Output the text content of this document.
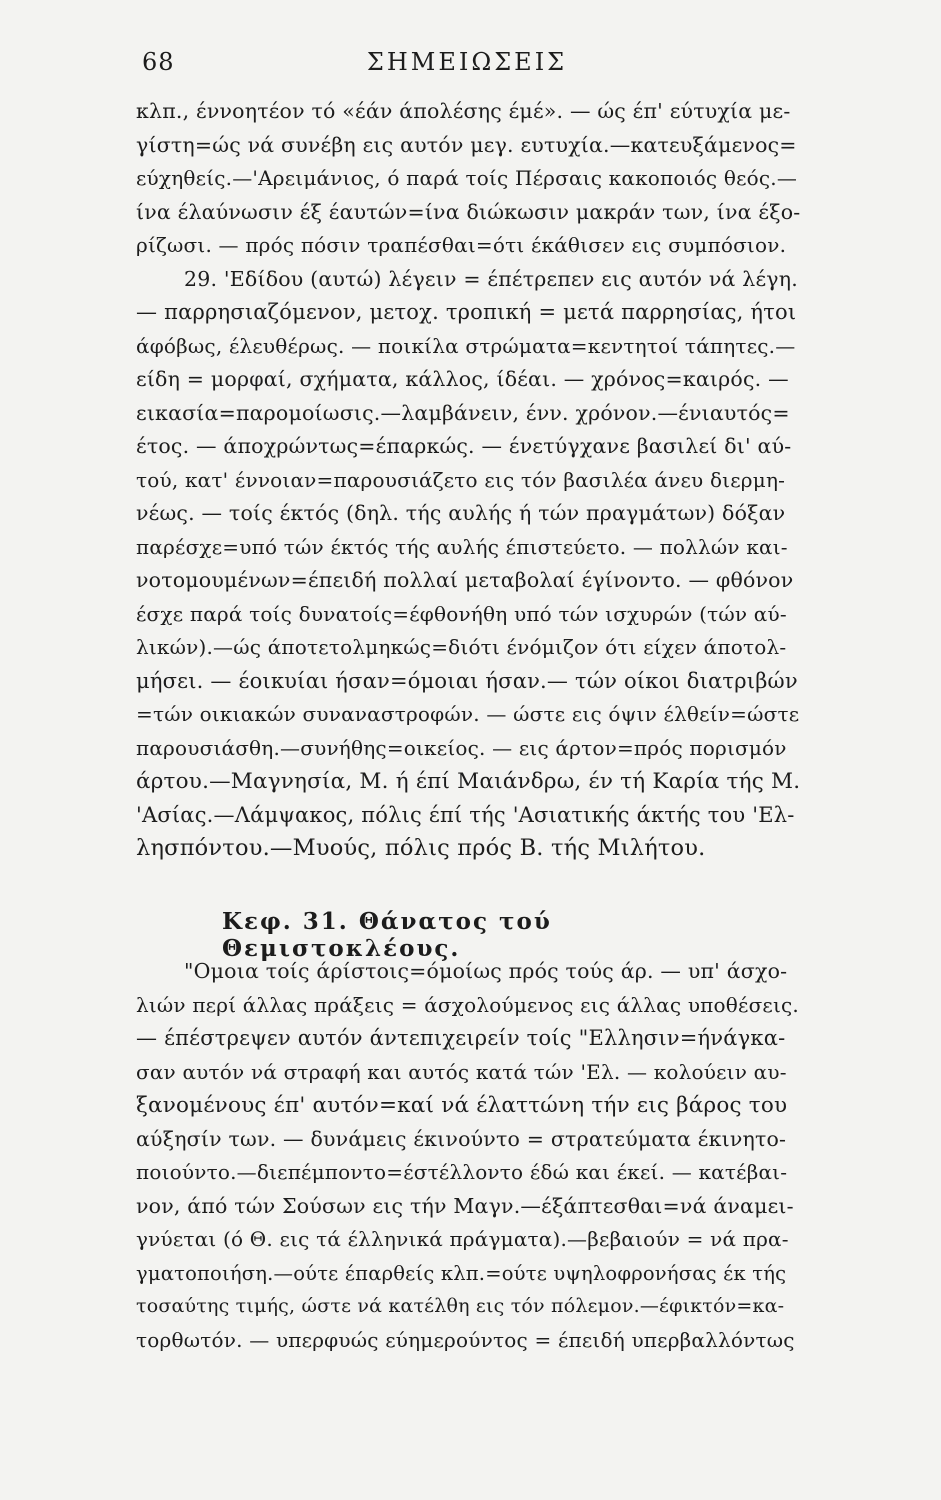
68	ΣΗΜΕΙΩΣΕΙΣ
κλπ., έννοητέον τό «έάν άπολέσης έμέ». — ώς έπ' εύτυχία με-
γίστη=ώς νά συνέβη εις αυτόν μεγ. ευτυχία.—κατευξάμενος=
εύχηθείς.—'Αρειμάνιος, ό παρά τοίς Πέρσαις κακοποιός θεός.—
ίνα έλαύνωσιν έξ έαυτών=ίνα διώκωσιν μακράν των, ίνα έξο-
ρίζωσι. — πρός πόσιν τραπέσθαι=ότι έκάθισεν εις συμπόσιον.
29. 'Εδίδου (αυτώ) λέγειν = έπέτρεπεν εις αυτόν νά λέγη.
— παρρησιαζόμενον, μετοχ. τροπική = μετά παρρησίας, ήτοι
άφόβως, έλευθέρως. — ποικίλα στρώματα=κεντητοί τάπητες.—
είδη = μορφαί, σχήματα, κάλλος, ίδέαι. — χρόνος=καιρός. —
εικασία=παρομοίωσις.—λαμβάνειν, ένν. χρόνον.—ένιαυτός=
έτος. — άποχρώντως=έπαρκώς. — ένετύγχανε βασιλεί δι' αύ-
τού, κατ' έννοιαν=παρουσιάζετο εις τόν βασιλέα άνευ διερμη-
νέως. — τοίς έκτός (δηλ. τής αυλής ή τών πραγμάτων) δόξαν
παρέσχε=υπό τών έκτός τής αυλής έπιστεύετο. — πολλών και-
νοτομουμένων=έπειδή πολλαί μεταβολαί έγίνοντο. — φθόνον
έσχε παρά τοίς δυνατοίς=έφθονήθη υπό τών ισχυρών (τών αύ-
λικών).—ώς άποτετολμηκώς=διότι ένόμιζον ότι είχεν άποτολ-
μήσει. — έοικυίαι ήσαν=όμοιαι ήσαν.— τών οίκοι διατριβών
=τών οικιακών συναναστροφών. — ώστε εις όψιν έλθείν=ώστε
παρουσιάσθη.—συνήθης=οικείος. — εις άρτον=πρός πορισμόν
άρτου.—Μαγνησία, Μ. ή έπί Μαιάνδρω, έν τή Καρία τής Μ.
'Ασίας.—Λάμψακος, πόλις έπί τής 'Ασιατικής άκτής του 'Ελ-
λησπόντου.—Μυούς, πόλις πρός Β. τής Μιλήτου.
Κεφ. 31. Θάνατος τού Θεμιστοκλέους.
"Ομοια τοίς άρίστοις=όμοίως πρός τούς άρ. — υπ' άσχο-
λιών περί άλλας πράξεις = άσχολούμενος εις άλλας υποθέσεις.
— έπέστρεψεν αυτόν άντεπιχειρείν τοίς "Ελλησιν=ήνάγκα-
σαν αυτόν νά στραφή και αυτός κατά τών 'Ελ. — κολούειν αυ-
ξανομένους έπ' αυτόν=καί νά έλαττώνη τήν εις βάρος του
αύξησίν των. — δυνάμεις έκινούντο = στρατεύματα έκινητο-
ποιούντο.—διεπέμποντο=έστέλλοντο έδώ και έκεί. — κατέβαι-
νον, άπό τών Σούσων εις τήν Μαγν.—έξάπτεσθαι=νά άναμει-
γνύεται (ό Θ. εις τά έλληνικά πράγματα).—βεβαιούν = νά πρα-
γματοποιήση.—ούτε έπαρθείς κλπ.=ούτε υψηλοφρονήσας έκ τής
τοσαύτης τιμής, ώστε νά κατέλθη εις τόν πόλεμον.—έφικτόν=κα-
τορθωτόν. — υπερφυώς εύημερούντος = έπειδή υπερβαλλόντως
